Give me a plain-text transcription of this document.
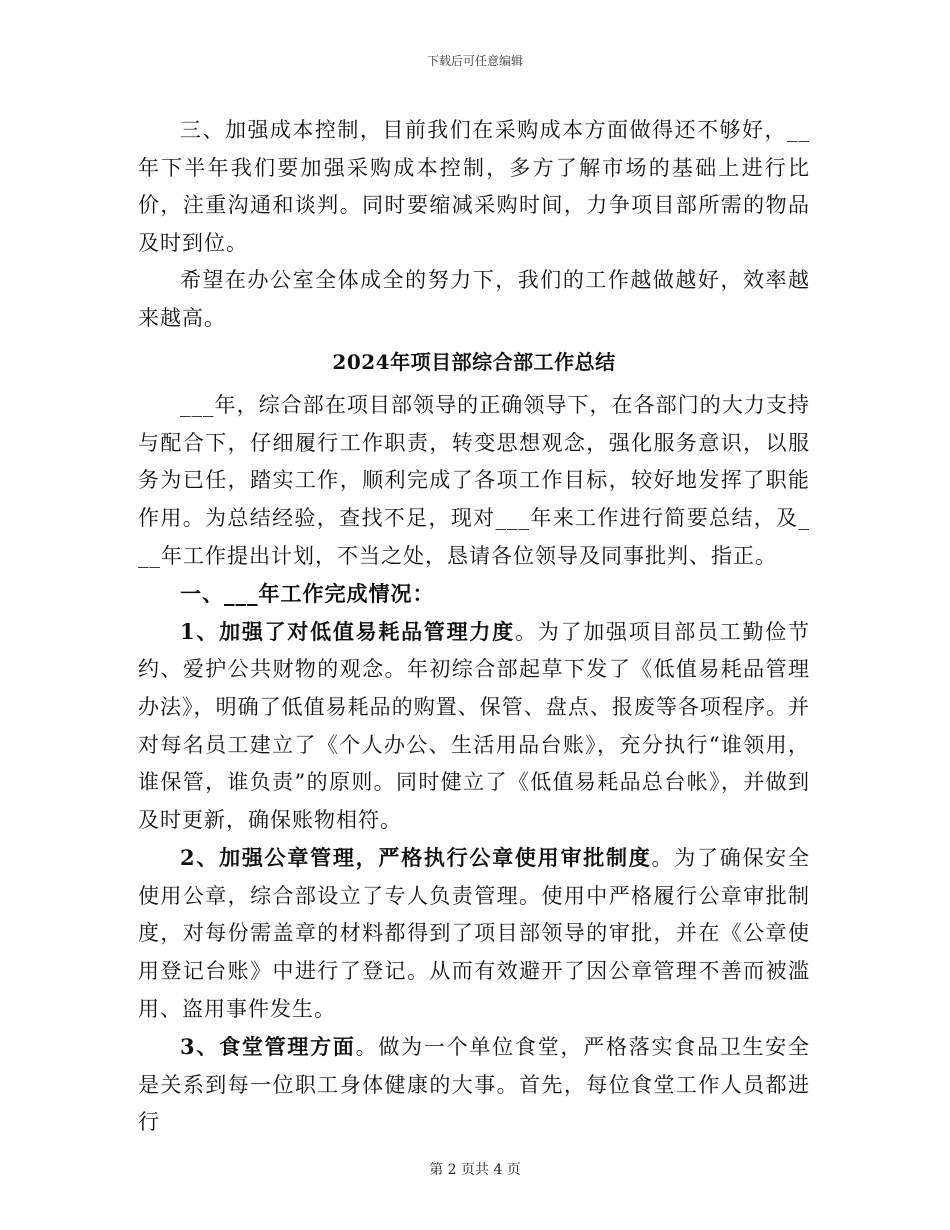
下载后可任意编辑

三、加强成本控制，目前我们在采购成本方面做得还不够好，__年下半年我们要加强采购成本控制，多方了解市场的基础上进行比价，注重沟通和谈判。同时要缩减采购时间，力争项目部所需的物品及时到位。

希望在办公室全体成全的努力下，我们的工作越做越好，效率越来越高。

2024年项目部综合部工作总结

___年，综合部在项目部领导的正确领导下，在各部门的大力支持与配合下，仔细履行工作职责，转变思想观念，强化服务意识，以服务为已任，踏实工作，顺利完成了各项工作目标，较好地发挥了职能作用。为总结经验，查找不足，现对___年来工作进行简要总结，及___年工作提出计划，不当之处，恳请各位领导及同事批判、指正。

一、___年工作完成情况：

1、加强了对低值易耗品管理力度。为了加强项目部员工勤俭节约、爱护公共财物的观念。年初综合部起草下发了《低值易耗品管理办法》，明确了低值易耗品的购置、保管、盘点、报废等各项程序。并对每名员工建立了《个人办公、生活用品台账》，充分执行“谁领用，谁保管，谁负责”的原则。同时健立了《低值易耗品总台帐》，并做到及时更新，确保账物相符。

2、加强公章管理，严格执行公章使用审批制度。为了确保安全使用公章，综合部设立了专人负责管理。使用中严格履行公章审批制度，对每份需盖章的材料都得到了项目部领导的审批，并在《公章使用登记台账》中进行了登记。从而有效避开了因公章管理不善而被滥用、盗用事件发生。

3、食堂管理方面。做为一个单位食堂，严格落实食品卫生安全是关系到每一位职工身体健康的大事。首先，每位食堂工作人员都进行

第 2 页共 4 页
